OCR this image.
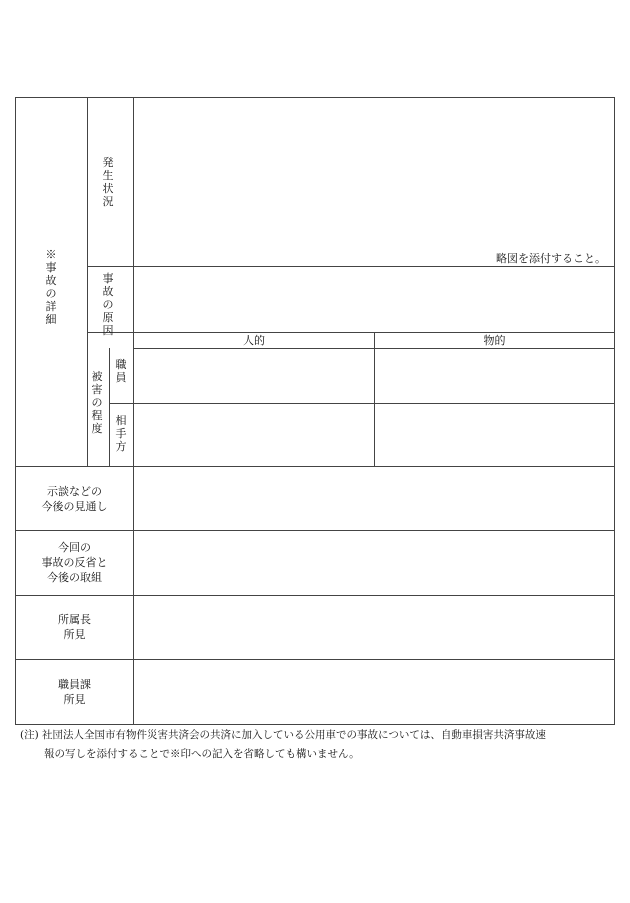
※事故の詳細
発生状況
略図を添付すること。
事故の原因
被害の程度
人的	物的
職員
相手方
示談などの
今後の見通し
今回の
事故の反省と
今後の取組
所属長
所見
職員課
所見
(注) 社団法人全国市有物件災害共済会の共済に加入している公用車での事故については、自動車損害共済事故速
報の写しを添付することで※印への記入を省略しても構いません。
